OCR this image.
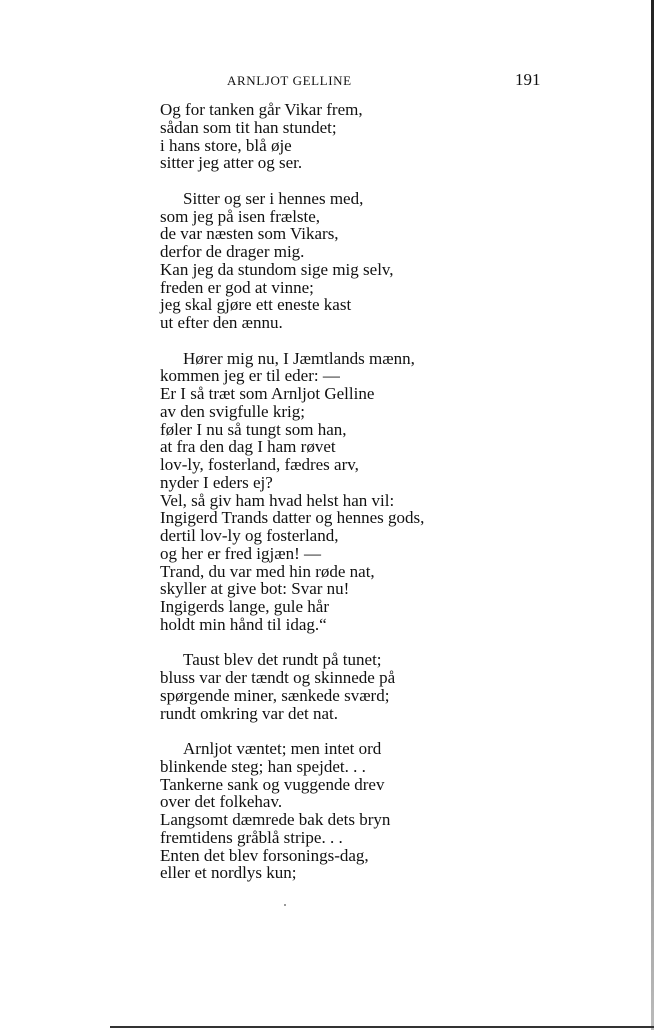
ARNLJOT GELLINE	191
Og for tanken går Vikar frem,
sådan som tit han stundet;
i hans store, blå øje
sitter jeg atter og ser.
Sitter og ser i hennes med,
som jeg på isen frælste,
de var næsten som Vikars,
derfor de drager mig.
Kan jeg da stundom sige mig selv,
freden er god at vinne;
jeg skal gjøre ett eneste kast
ut efter den ænnu.
Hører mig nu, I Jæmtlands mænn,
kommen jeg er til eder: —
Er I så træt som Arnljot Gelline
av den svigfulle krig;
føler I nu så tungt som han,
at fra den dag I ham røvet
lov-ly, fosterland, fædres arv,
nyder I eders ej?
Vel, så giv ham hvad helst han vil:
Ingigerd Trands datter og hennes gods,
dertil lov-ly og fosterland,
og her er fred igjæn! —
Trand, du var med hin røde nat,
skyller at give bot: Svar nu!
Ingigerds lange, gule hår
holdt min hånd til idag.“
Taust blev det rundt på tunet;
bluss var der tændt og skinnede på
spørgende miner, sænkede sværd;
rundt omkring var det nat.
Arnljot væntet; men intet ord
blinkende steg; han spejdet. . .
Tankerne sank og vuggende drev
over det folkehav.
Langsomt dæmrede bak dets bryn
fremtidens gråblå stripe. . .
Enten det blev forsonings-dag,
eller et nordlys kun;
